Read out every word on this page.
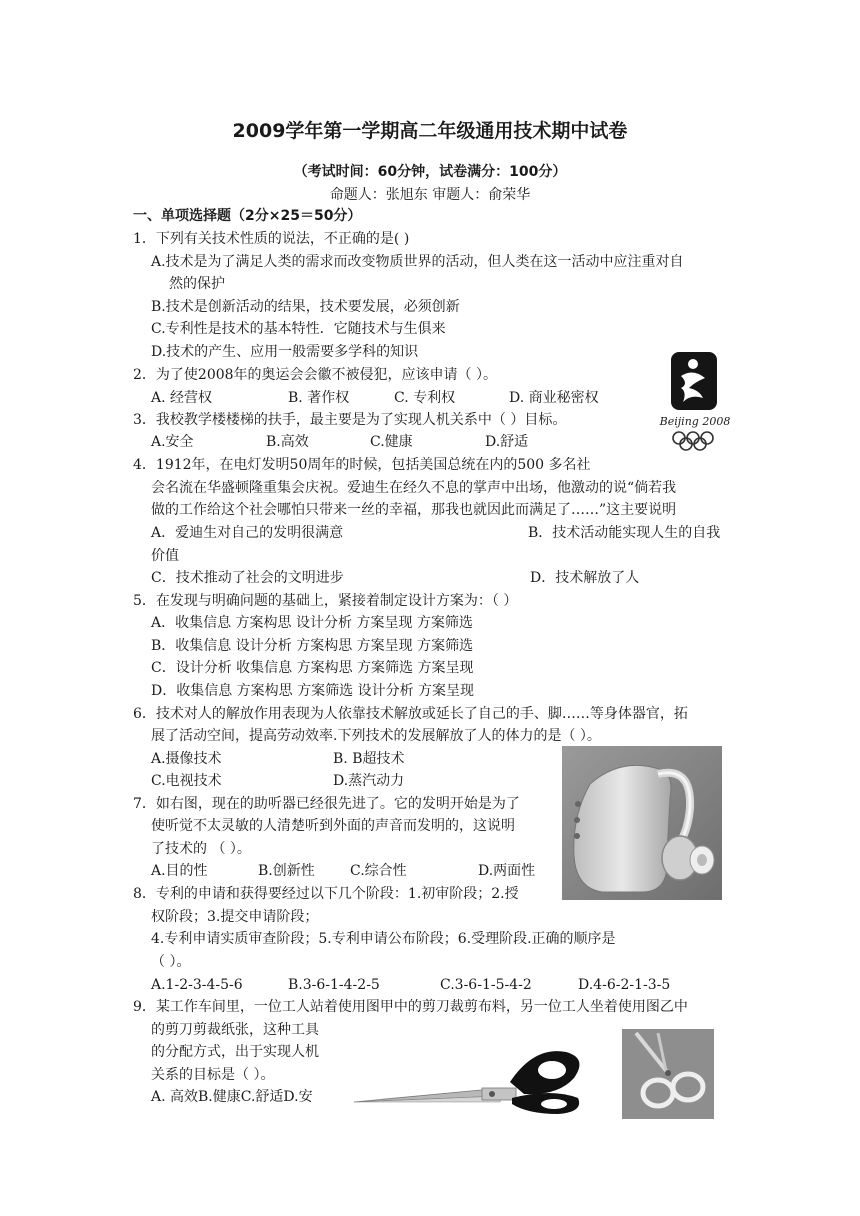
2009学年第一学期高二年级通用技术期中试卷
（考试时间：60分钟，试卷满分：100分）
命题人：张旭东 审题人：俞荣华
一、单项选择题（2分×25＝50分）
1．下列有关技术性质的说法，不正确的是( )
A.技术是为了满足人类的需求而改变物质世界的活动，但人类在这一活动中应注重对自
然的保护
B.技术是创新活动的结果，技术要发展，必须创新
C.专利性是技术的基本特性．它随技术与生俱来
D.技术的产生、应用一般需要多学科的知识
2．为了使2008年的奥运会会徽不被侵犯，应该申请（ ）。
A. 经营权	B. 著作权	C. 专利权	D. 商业秘密权
Beijing 2008
3．我校教学楼楼梯的扶手，最主要是为了实现人机关系中（ ）目标。
A.安全	B.高效	C.健康	D.舒适
4．1912年，在电灯发明50周年的时候，包括美国总统在内的500 多名社
会名流在华盛顿隆重集会庆祝。爱迪生在经久不息的掌声中出场，他激动的说“倘若我
做的工作给这个社会哪怕只带来一丝的幸福，那我也就因此而满足了……”这主要说明
A．爱迪生对自己的发明很满意	B．技术活动能实现人生的自我
价值
C．技术推动了社会的文明进步	D．技术解放了人
5．在发现与明确问题的基础上，紧接着制定设计方案为：（ ）
A．收集信息 方案构思 设计分析 方案呈现 方案筛选
B．收集信息 设计分析 方案构思 方案呈现 方案筛选
C．设计分析 收集信息 方案构思 方案筛选 方案呈现
D．收集信息 方案构思 方案筛选 设计分析 方案呈现
6．技术对人的解放作用表现为人依靠技术解放或延长了自己的手、脚……等身体器官，拓
展了活动空间，提高劳动效率.下列技术的发展解放了人的体力的是（ ）。
A.摄像技术	B. B超技术
C.电视技术	D.蒸汽动力
7．如右图，现在的助听器已经很先进了。它的发明开始是为了
使听觉不太灵敏的人清楚听到外面的声音而发明的，这说明
了技术的 （ ）。
A.目的性	B.创新性	C.综合性	D.两面性
8．专利的申请和获得要经过以下几个阶段：1.初审阶段；2.授
权阶段；3.提交申请阶段；
4.专利申请实质审查阶段；5.专利申请公布阶段；6.受理阶段.正确的顺序是
（ ）。
A.1-2-3-4-5-6	B.3-6-1-4-2-5	C.3-6-1-5-4-2	D.4-6-2-1-3-5
9．某工作车间里，一位工人站着使用图甲中的剪刀裁剪布料，另一位工人坐着使用图乙中
的剪刀剪裁纸张，这种工具
的分配方式，出于实现人机
关系的目标是（ ）。
A. 高效B.健康C.舒适D.安
